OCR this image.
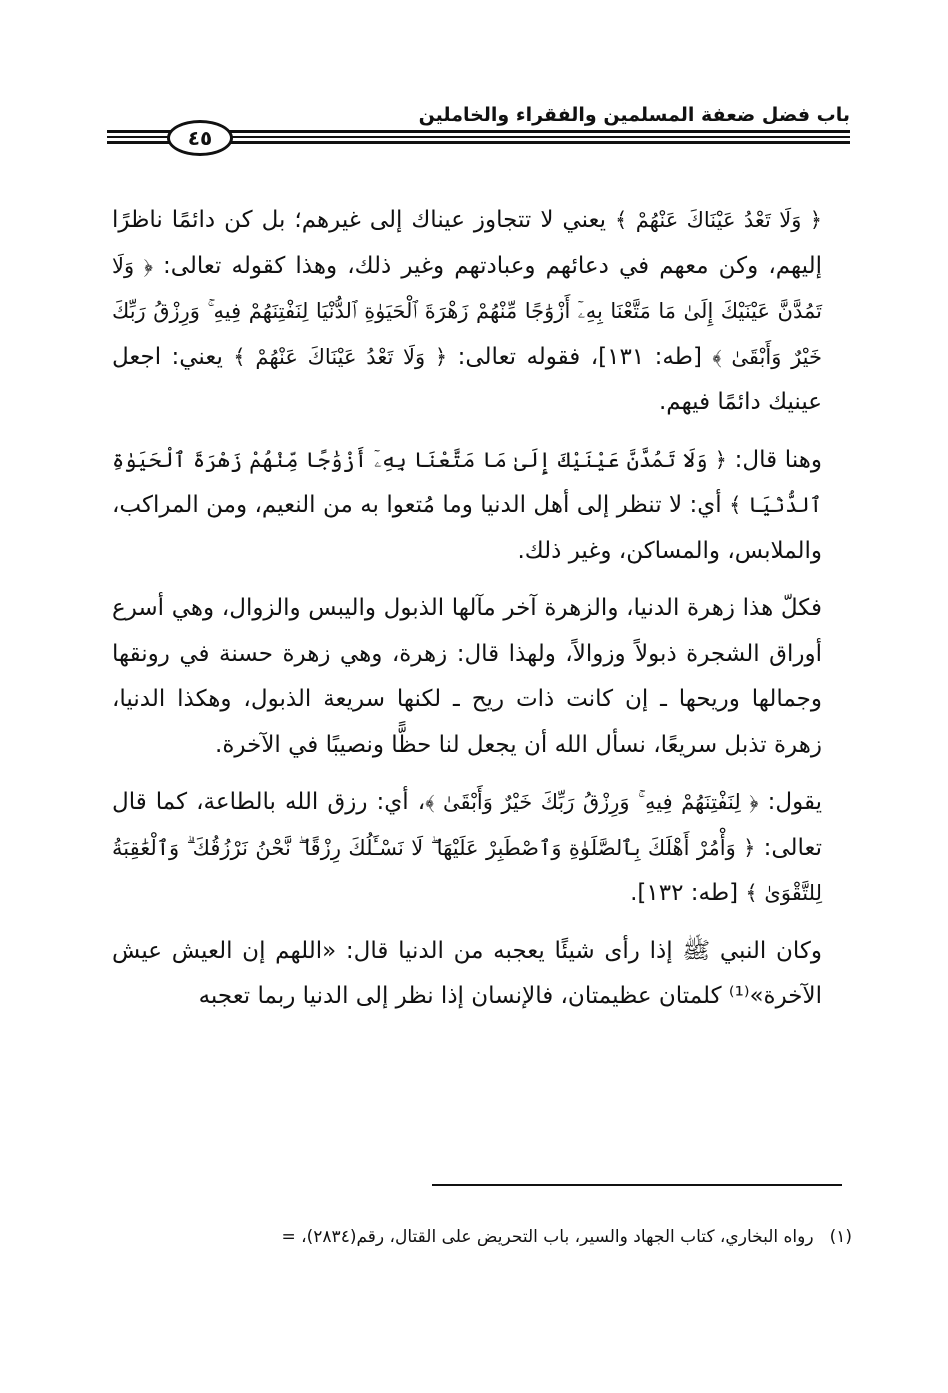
باب فضل ضعفة المسلمين والفقراء والخاملين
٤٥

﴿ وَلَا تَعْدُ عَيْنَاكَ عَنْهُمْ ﴾ يعني لا تتجاوز عيناك إلى غيرهم؛ بل كن دائمًا ناظرًا إليهم، وكن معهم في دعائهم وعبادتهم وغير ذلك، وهذا كقوله تعالى: ﴿ وَلَا تَمُدَّنَّ عَيْنَيْكَ إِلَىٰ مَا مَتَّعْنَا بِهِۦٓ أَزْوَٰجًا مِّنْهُمْ زَهْرَةَ ٱلْحَيَوٰةِ ٱلدُّنْيَا لِنَفْتِنَهُمْ فِيهِ ۚ وَرِزْقُ رَبِّكَ خَيْرٌ وَأَبْقَىٰ ﴾ [طه: ١٣١]، فقوله تعالى: ﴿ وَلَا تَعْدُ عَيْنَاكَ عَنْهُمْ ﴾ يعني: اجعل عينيك دائمًا فيهم.

وهنا قال: ﴿ وَلَا تَمُدَّنَّ عَيْنَيْكَ إِلَىٰ مَا مَتَّعْنَا بِهِۦٓ أَزْوَٰجًا مِّنْهُمْ زَهْرَةَ ٱلْحَيَوٰةِ ٱلدُّنْيَا ﴾ أي: لا تنظر إلى أهل الدنيا وما مُتعوا به من النعيم، ومن المراكب، والملابس، والمساكن، وغير ذلك.

فكلّ هذا زهرة الدنيا، والزهرة آخر مآلها الذبول واليبس والزوال، وهي أسرع أوراق الشجرة ذبولاً وزوالاً، ولهذا قال: زهرة، وهي زهرة حسنة في رونقها وجمالها وريحها ـ إن كانت ذات ريح ـ لكنها سريعة الذبول، وهكذا الدنيا، زهرة تذبل سريعًا، نسأل الله أن يجعل لنا حظًّا ونصيبًا في الآخرة.

يقول: ﴿ لِنَفْتِنَهُمْ فِيهِ ۚ وَرِزْقُ رَبِّكَ خَيْرٌ وَأَبْقَىٰ ﴾، أي: رزق الله بالطاعة، كما قال تعالى: ﴿ وَأْمُرْ أَهْلَكَ بِٱلصَّلَوٰةِ وَٱصْطَبِرْ عَلَيْهَا ۖ لَا نَسْـَٔلُكَ رِزْقًا ۖ نَّحْنُ نَرْزُقُكَ ۗ وَٱلْعَٰقِبَةُ لِلتَّقْوَىٰ ﴾ [طه: ١٣٢].

وكان النبي ﷺ إذا رأى شيئًا يعجبه من الدنيا قال: «اللهم إن العيش عيش الآخرة»⁽¹⁾ كلمتان عظيمتان، فالإنسان إذا نظر إلى الدنيا ربما تعجبه

(١)رواه البخاري، كتاب الجهاد والسير، باب التحريض على القتال، رقم(٢٨٣٤)، =
